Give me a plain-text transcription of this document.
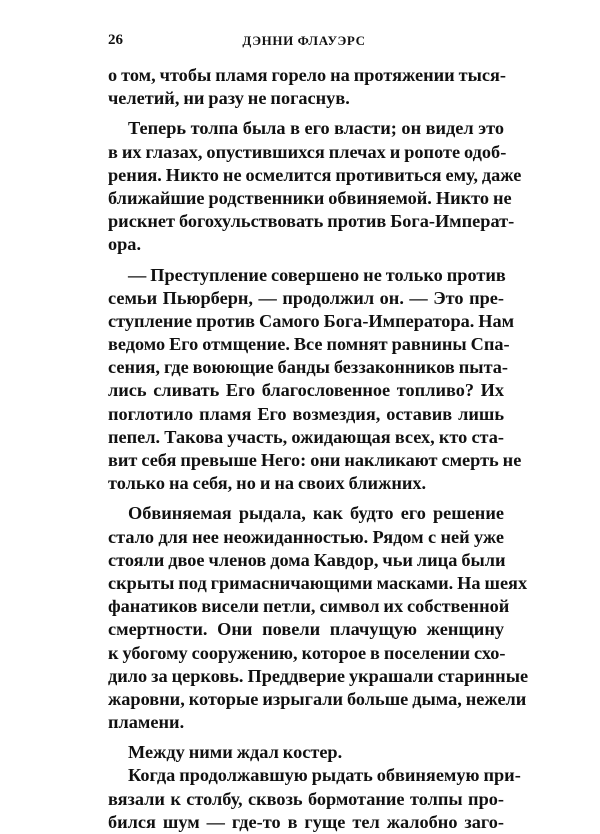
26	ДЭННИ ФЛАУЭРС
о том, чтобы пламя горело на протяжении тыся-
челетий, ни разу не погаснув.
Теперь толпа была в его власти; он видел это
в их глазах, опустившихся плечах и ропоте одоб-
рения. Никто не осмелится противиться ему, даже
ближайшие родственники обвиняемой. Никто не
рискнет богохульствовать против Бога-Императ-
ора.
— Преступление совершено не только против
семьи Пьюрберн, — продолжил он. — Это пре-
ступление против Самого Бога-Императора. Нам
ведомо Его отмщение. Все помнят равнины Спа-
сения, где воюющие банды беззаконников пыта-
лись сливать Его благословенное топливо? Их
поглотило пламя Его возмездия, оставив лишь
пепел. Такова участь, ожидающая всех, кто ста-
вит себя превыше Него: они накликают смерть не
только на себя, но и на своих ближних.
Обвиняемая рыдала, как будто его решение
стало для нее неожиданностью. Рядом с ней уже
стояли двое членов дома Кавдор, чьи лица были
скрыты под гримасничающими масками. На шеях
фанатиков висели петли, символ их собственной
смертности. Они повели плачущую женщину
к убогому сооружению, которое в поселении схо-
дило за церковь. Преддверие украшали старинные
жаровни, которые изрыгали больше дыма, нежели
пламени.
Между ними ждал костер.
Когда продолжавшую рыдать обвиняемую при-
вязали к столбу, сквозь бормотание толпы про-
бился шум — где-то в гуще тел жалобно заго-
